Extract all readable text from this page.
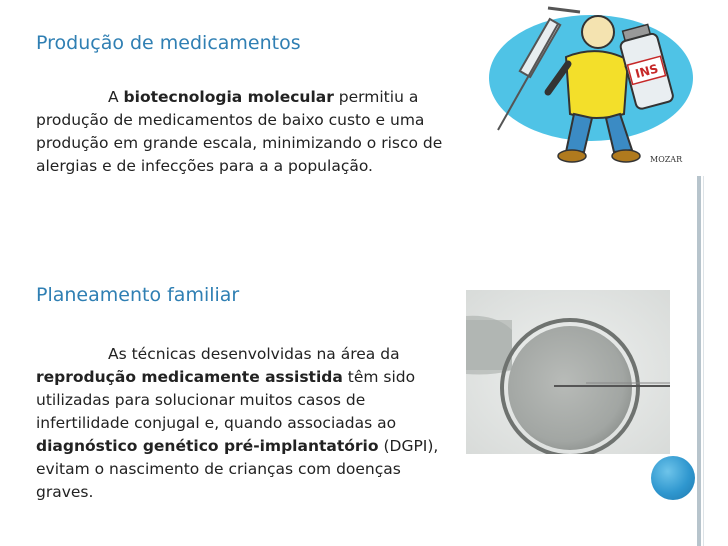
Produção de medicamentos

A biotecnologia molecular permitiu a
produção de medicamentos de baixo custo e uma
produção em grande escala, minimizando o risco de
alergias e de infecções para a a população.

INS
MOZAR
Planeamento familiar

As técnicas desenvolvidas na área da
reprodução medicamente assistida têm sido
utilizadas para solucionar muitos casos de
infertilidade conjugal e, quando associadas ao
diagnóstico genético pré-implantatório (DGPI),
evitam o nascimento de crianças com doenças
graves.
